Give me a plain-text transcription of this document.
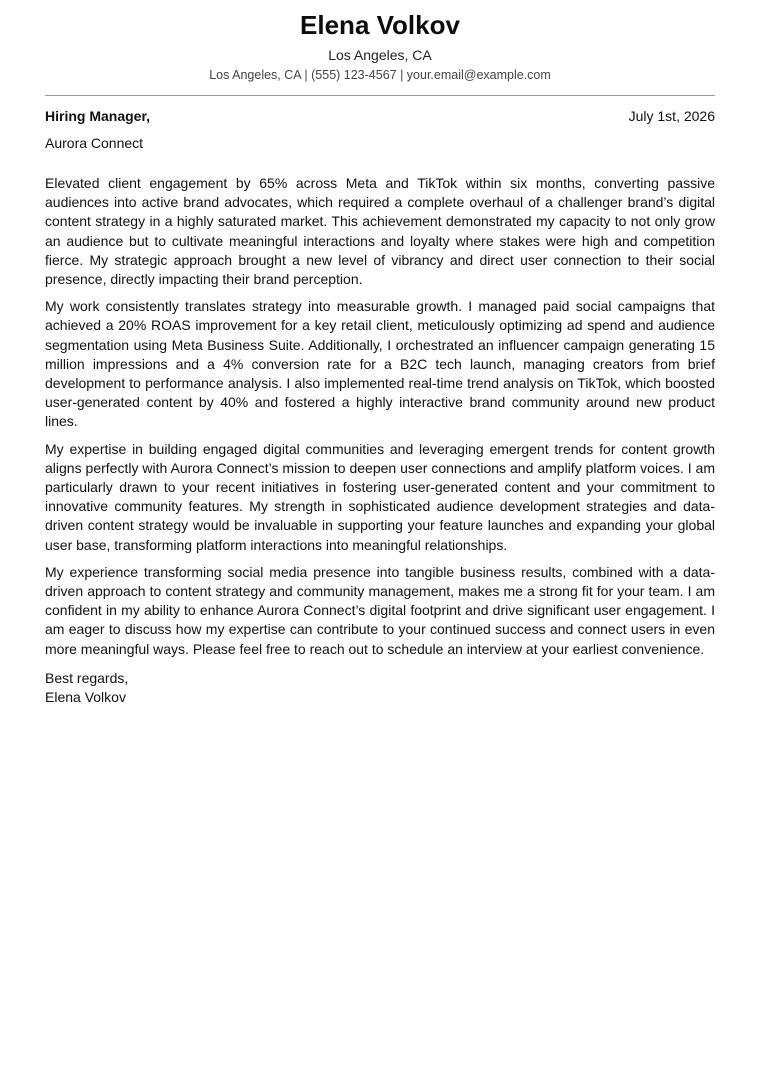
Elena Volkov
Los Angeles, CA
Los Angeles, CA | (555) 123-4567 | your.email@example.com
Hiring Manager,	July 1st, 2026
Aurora Connect

Elevated client engagement by 65% across Meta and TikTok within six months, converting passive audiences into active brand advocates, which required a complete overhaul of a challenger brand’s digital content strategy in a highly saturated market. This achievement demonstrated my capacity to not only grow an audience but to cultivate meaningful interactions and loyalty where stakes were high and competition fierce. My strategic approach brought a new level of vibrancy and direct user connection to their social presence, directly impacting their brand perception.

My work consistently translates strategy into measurable growth. I managed paid social campaigns that achieved a 20% ROAS improvement for a key retail client, meticulously optimizing ad spend and audience segmentation using Meta Business Suite. Additionally, I orchestrated an influencer campaign generating 15 million impressions and a 4% conversion rate for a B2C tech launch, managing creators from brief development to performance analysis. I also implemented real-time trend analysis on TikTok, which boosted user-generated content by 40% and fostered a highly interactive brand community around new product lines.

My expertise in building engaged digital communities and leveraging emergent trends for content growth aligns perfectly with Aurora Connect’s mission to deepen user connections and amplify platform voices. I am particularly drawn to your recent initiatives in fostering user-generated content and your commitment to innovative community features. My strength in sophisticated audience development strategies and data-driven content strategy would be invaluable in supporting your feature launches and expanding your global user base, transforming platform interactions into meaningful relationships.

My experience transforming social media presence into tangible business results, combined with a data-driven approach to content strategy and community management, makes me a strong fit for your team. I am confident in my ability to enhance Aurora Connect’s digital footprint and drive significant user engagement. I am eager to discuss how my expertise can contribute to your continued success and connect users in even more meaningful ways. Please feel free to reach out to schedule an interview at your earliest convenience.

Best regards,
Elena Volkov
